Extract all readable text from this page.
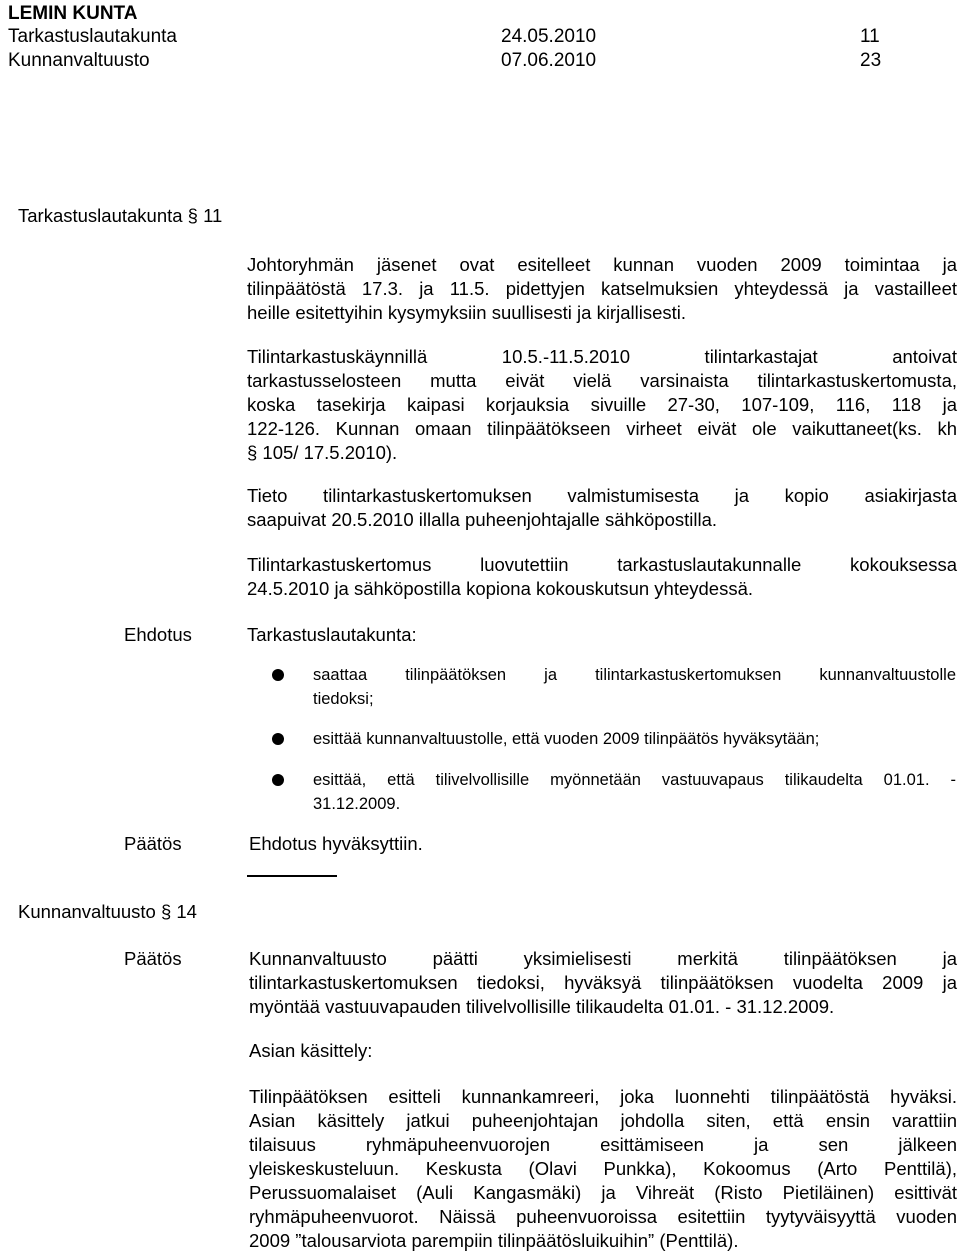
LEMIN KUNTA
Tarkastuslautakunta	24.05.2010	11
Kunnanvaltuusto	07.06.2010	23
Tarkastuslautakunta § 11
Johtoryhmän jäsenet ovat esitelleet kunnan vuoden 2009 toimintaa ja
tilinpäätöstä 17.3. ja 11.5. pidettyjen katselmuksien yhteydessä ja vastailleet
heille esitettyihin kysymyksiin suullisesti ja kirjallisesti.
Tilintarkastuskäynnillä 10.5.-11.5.2010 tilintarkastajat antoivat
tarkastusselosteen mutta eivät vielä varsinaista tilintarkastuskertomusta,
koska tasekirja kaipasi korjauksia sivuille 27-30, 107-109, 116, 118 ja
122-126. Kunnan omaan tilinpäätökseen virheet eivät ole vaikuttaneet(ks. kh
§ 105/ 17.5.2010).
Tieto tilintarkastuskertomuksen valmistumisesta ja kopio asiakirjasta
saapuivat 20.5.2010 illalla puheenjohtajalle sähköpostilla.
Tilintarkastuskertomus luovutettiin tarkastuslautakunnalle kokouksessa
24.5.2010 ja sähköpostilla kopiona kokouskutsun yhteydessä.
Ehdotus	Tarkastuslautakunta:
saattaa tilinpäätöksen ja tilintarkastuskertomuksen kunnanvaltuustolle
tiedoksi;
esittää kunnanvaltuustolle, että vuoden 2009 tilinpäätös hyväksytään;
esittää, että tilivelvollisille myönnetään vastuuvapaus tilikaudelta 01.01. -
31.12.2009.
Päätös	Ehdotus hyväksyttiin.
Kunnanvaltuusto § 14
Päätös	Kunnanvaltuusto päätti yksimielisesti merkitä tilinpäätöksen ja
tilintarkastuskertomuksen tiedoksi, hyväksyä tilinpäätöksen vuodelta 2009 ja
myöntää vastuuvapauden tilivelvollisille tilikaudelta 01.01. - 31.12.2009.
Asian käsittely:
Tilinpäätöksen esitteli kunnankamreeri, joka luonnehti tilinpäätöstä hyväksi.
Asian käsittely jatkui puheenjohtajan johdolla siten, että ensin varattiin
tilaisuus ryhmäpuheenvuorojen esittämiseen ja sen jälkeen
yleiskeskusteluun. Keskusta (Olavi Punkka), Kokoomus (Arto Penttilä),
Perussuomalaiset (Auli Kangasmäki) ja Vihreät (Risto Pietiläinen) esittivät
ryhmäpuheenvuorot. Näissä puheenvuoroissa esitettiin tyytyväisyyttä vuoden
2009 ”talousarviota parempiin tilinpäätösluikuihin” (Penttilä).
